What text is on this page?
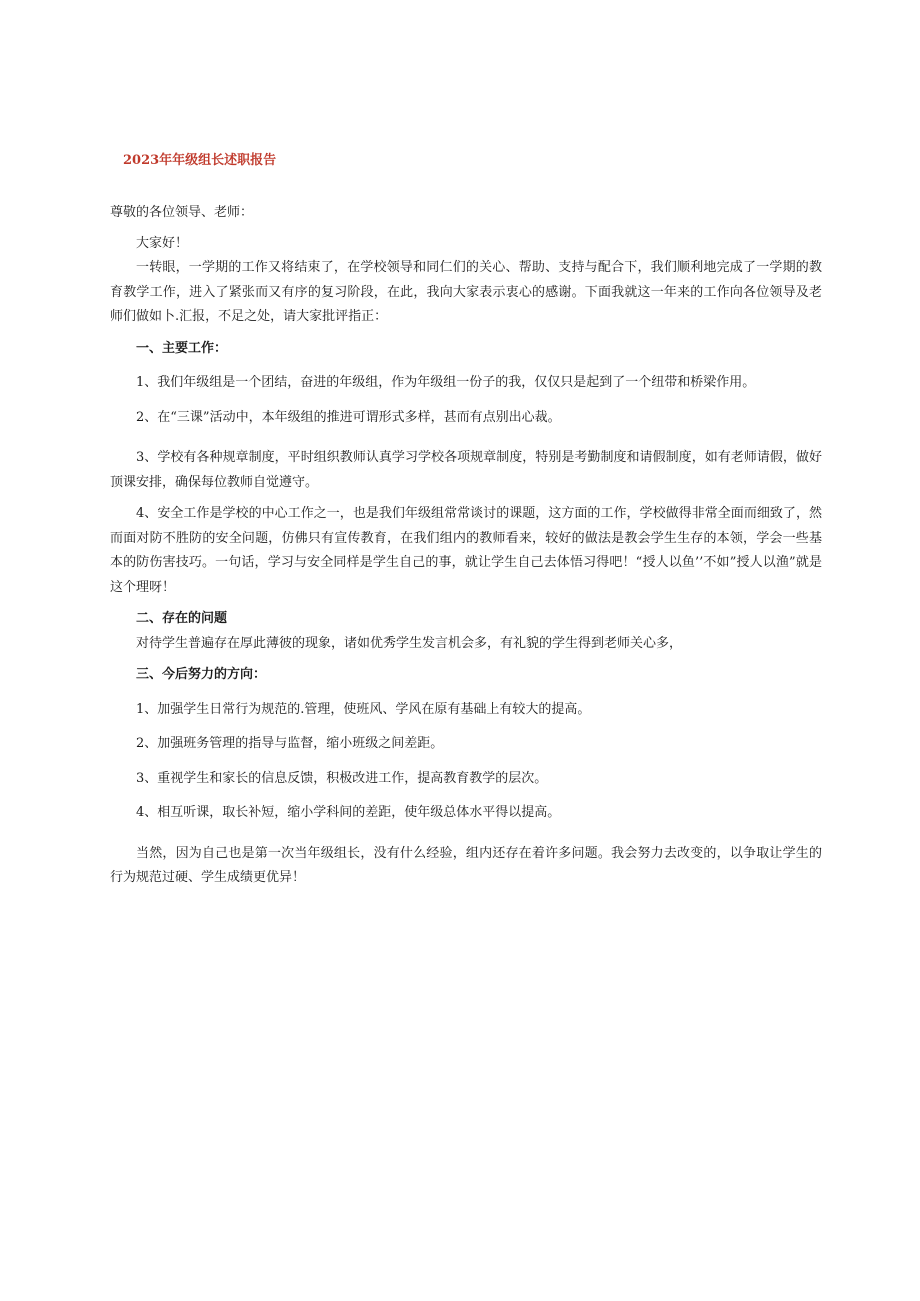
2023年年级组长述职报告

尊敬的各位领导、老师：

大家好！

一转眼，一学期的工作又将结束了，在学校领导和同仁们的关心、帮助、支持与配合下，我们顺利地完成了一学期的教育教学工作，进入了紧张而又有序的复习阶段，在此，我向大家表示衷心的感谢。下面我就这一年来的工作向各位领导及老师们做如卜.汇报，不足之处，请大家批评指正：

一、主要工作：

1、我们年级组是一个团结，奋进的年级组，作为年级组一份子的我，仅仅只是起到了一个纽带和桥梁作用。

2、在“三课”活动中，本年级组的推进可谓形式多样，甚而有点别出心裁。

3、学校有各种规章制度，平时组织教师认真学习学校各项规章制度，特别是考勤制度和请假制度，如有老师请假，做好顶课安排，确保每位教师自觉遵守。

4、安全工作是学校的中心工作之一，也是我们年级组常常谈讨的课题，这方面的工作，学校做得非常全面而细致了，然而面对防不胜防的安全问题，仿佛只有宣传教育，在我们组内的教师看来，较好的做法是教会学生生存的本领，学会一些基本的防伤害技巧。一句话，学习与安全同样是学生自己的事，就让学生自己去体悟习得吧！“授人以鱼’’不如”授人以渔”就是这个理呀！

二、存在的问题

对待学生普遍存在厚此薄彼的现象，诸如优秀学生发言机会多，有礼貌的学生得到老师关心多，

三、今后努力的方向：

1、加强学生日常行为规范的.管理，使班风、学风在原有基础上有较大的提高。

2、加强班务管理的指导与监督，缩小班级之间差距。

3、重视学生和家长的信息反馈，积极改进工作，提高教育教学的层次。

4、相互听课，取长补短，缩小学科间的差距，使年级总体水平得以提高。

当然，因为自己也是第一次当年级组长，没有什么经验，组内还存在着许多问题。我会努力去改变的，以争取让学生的行为规范过硬、学生成绩更优异！
